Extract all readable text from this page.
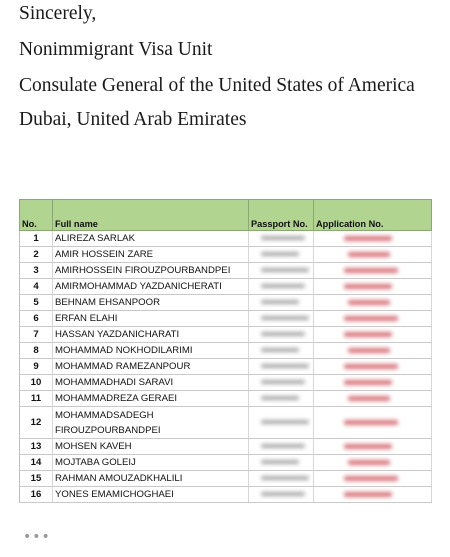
Sincerely,
Nonimmigrant Visa Unit
Consulate General of the United States of America
Dubai, United Arab Emirates
No.	Full name	Passport No.	Application No.
1	ALIREZA SARLAK		
2	AMIR HOSSEIN ZARE		
3	AMIRHOSSEIN FIROUZPOURBANDPEI		
4	AMIRMOHAMMAD YAZDANICHERATI		
5	BEHNAM EHSANPOOR		
6	ERFAN ELAHI		
7	HASSAN YAZDANICHARATI		
8	MOHAMMAD NOKHODILARIMI		
9	MOHAMMAD RAMEZANPOUR		
10	MOHAMMADHADI SARAVI		
11	MOHAMMADREZA GERAEI		
12	MOHAMMADSADEGH FIROUZPOURBANDPEI		
13	MOHSEN KAVEH		
14	MOJTABA GOLEIJ		
15	RAHMAN AMOUZADKHALILI		
16	YONES EMAMICHOGHAEI		
•••
